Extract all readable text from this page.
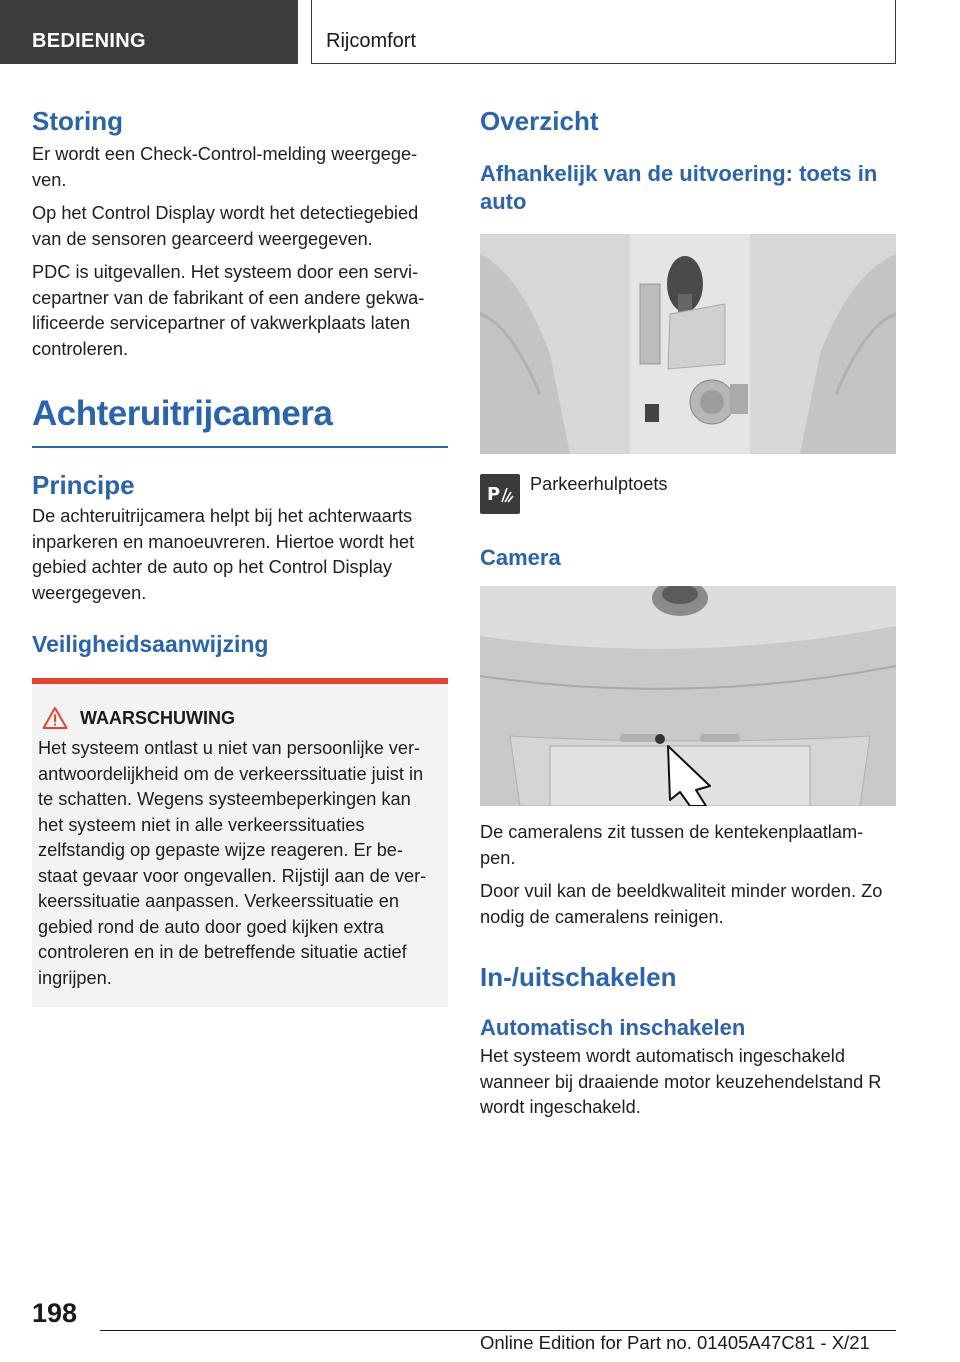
BEDIENING	Rijcomfort
Storing

Er wordt een Check-Control-melding weergege-ven.

Op het Control Display wordt het detectiegebied van de sensoren gearceerd weergegeven.

PDC is uitgevallen. Het systeem door een servi-cepartner van de fabrikant of een andere gekwa-lificeerde servicepartner of vakwerkplaats laten controleren.

Achteruitrijcamera
Principe

De achteruitrijcamera helpt bij het achterwaarts inparkeren en manoeuvreren. Hiertoe wordt het gebied achter de auto op het Control Display weergegeven.

Veiligheidsaanwijzing
WAARSCHUWING

Het systeem ontlast u niet van persoonlijke ver-antwoordelijkheid om de verkeerssituatie juist in te schatten. Wegens systeembeperkingen kan het systeem niet in alle verkeerssituaties zelfstandig op gepaste wijze reageren. Er be-staat gevaar voor ongevallen. Rijstijl aan de ver-keerssituatie aanpassen. Verkeerssituatie en gebied rond de auto door goed kijken extra controleren en in de betreffende situatie actief ingrijpen.

Overzicht
Afhankelijk van de uitvoering: toets in auto
P Parkeerhulptoets
Camera

De cameralens zit tussen de kentekenplaatlam-pen.

Door vuil kan de beeldkwaliteit minder worden. Zo nodig de cameralens reinigen.

In-/uitschakelen
Automatisch inschakelen

Het systeem wordt automatisch ingeschakeld wanneer bij draaiende motor keuzehendelstand R wordt ingeschakeld.

198
Online Edition for Part no. 01405A47C81 - X/21
